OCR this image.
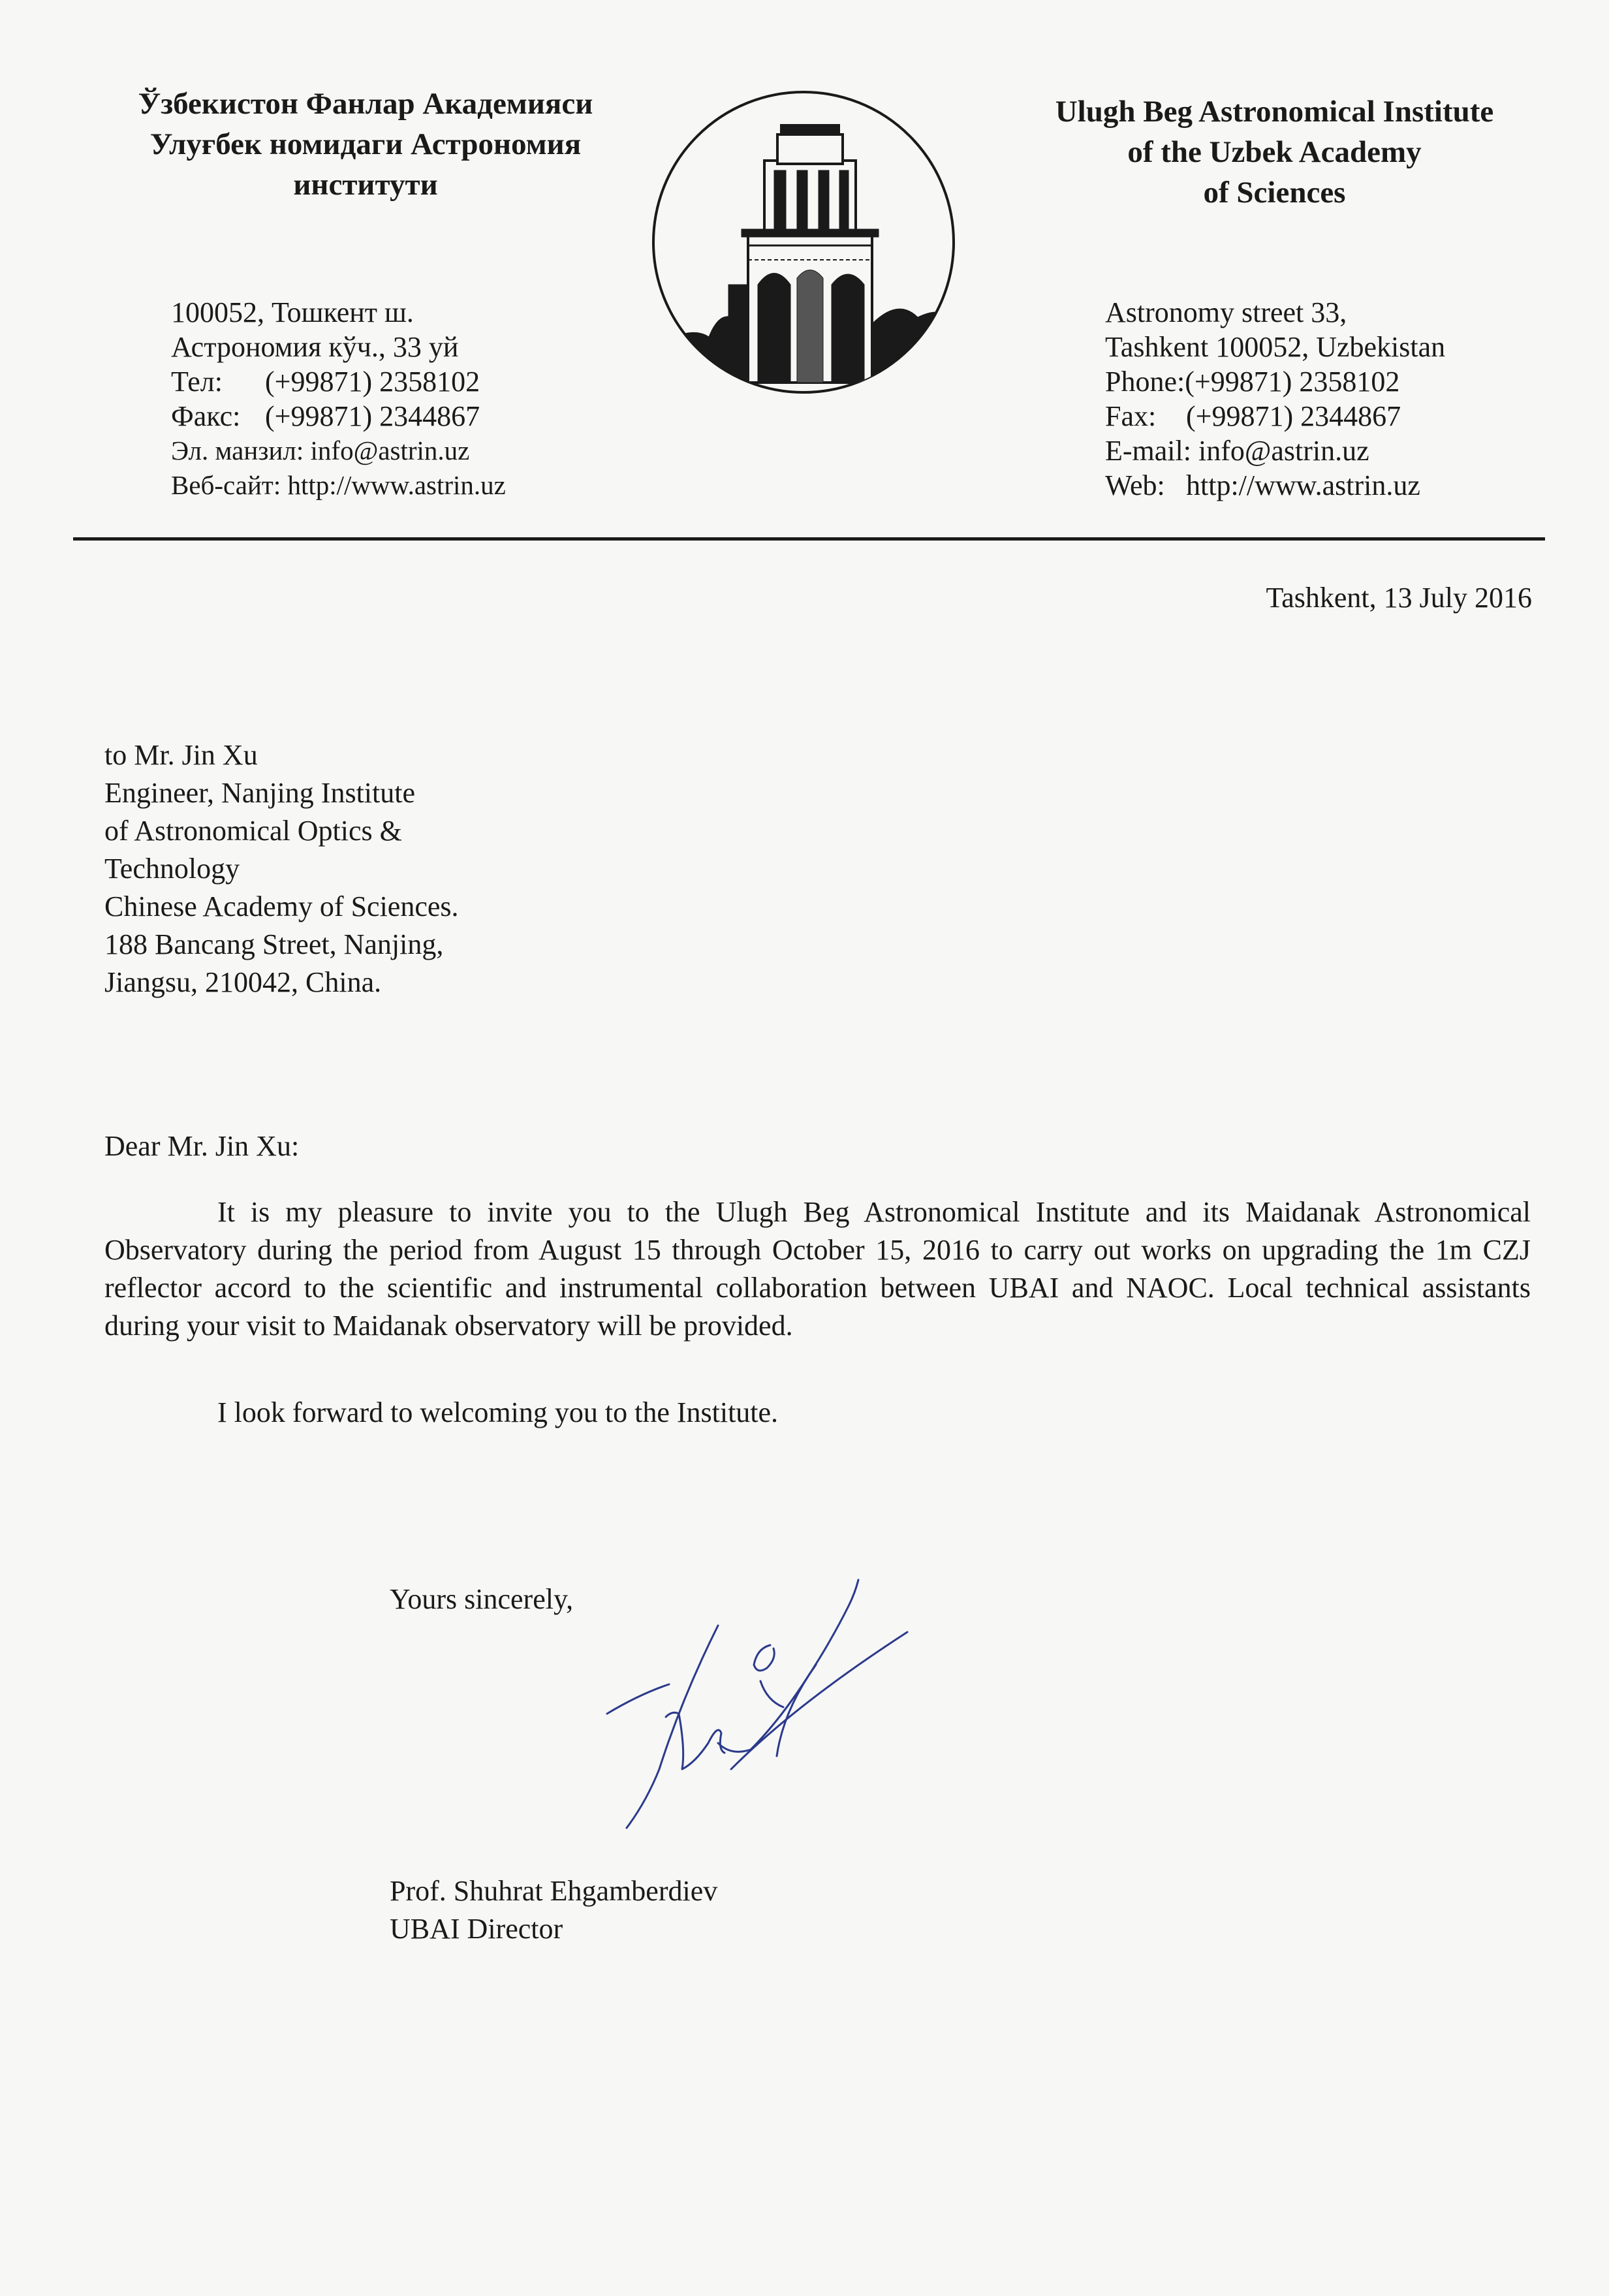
Ўзбекистон Фанлар Академияси
Улуғбек номидаги Астрономия
институти
Ulugh Beg Astronomical Institute
of the Uzbek Academy
of Sciences
100052, Тошкент ш.
Астрономия кўч., 33 уй
Тел: (+99871) 2358102
Факс: (+99871) 2344867
Эл. манзил: info@astrin.uz
Веб-сайт: http://www.astrin.uz
Astronomy street 33,
Tashkent 100052, Uzbekistan
Phone:(+99871) 2358102
Fax: (+99871) 2344867
E-mail: info@astrin.uz
Web: http://www.astrin.uz
Tashkent, 13 July 2016
to Mr. Jin Xu
Engineer, Nanjing Institute
of Astronomical Optics &
Technology
Chinese Academy of Sciences.
188 Bancang Street, Nanjing,
Jiangsu, 210042, China.
Dear Mr. Jin Xu:
It is my pleasure to invite you to the Ulugh Beg Astronomical Institute and its Maidanak Astronomical Observatory during the period from August 15 through October 15, 2016 to carry out works on upgrading the 1m CZJ reflector accord to the scientific and instrumental collaboration between UBAI and NAOC. Local technical assistants during your visit to Maidanak observatory will be provided.
I look forward to welcoming you to the Institute.
Yours sincerely,
Prof. Shuhrat Ehgamberdiev
UBAI Director
